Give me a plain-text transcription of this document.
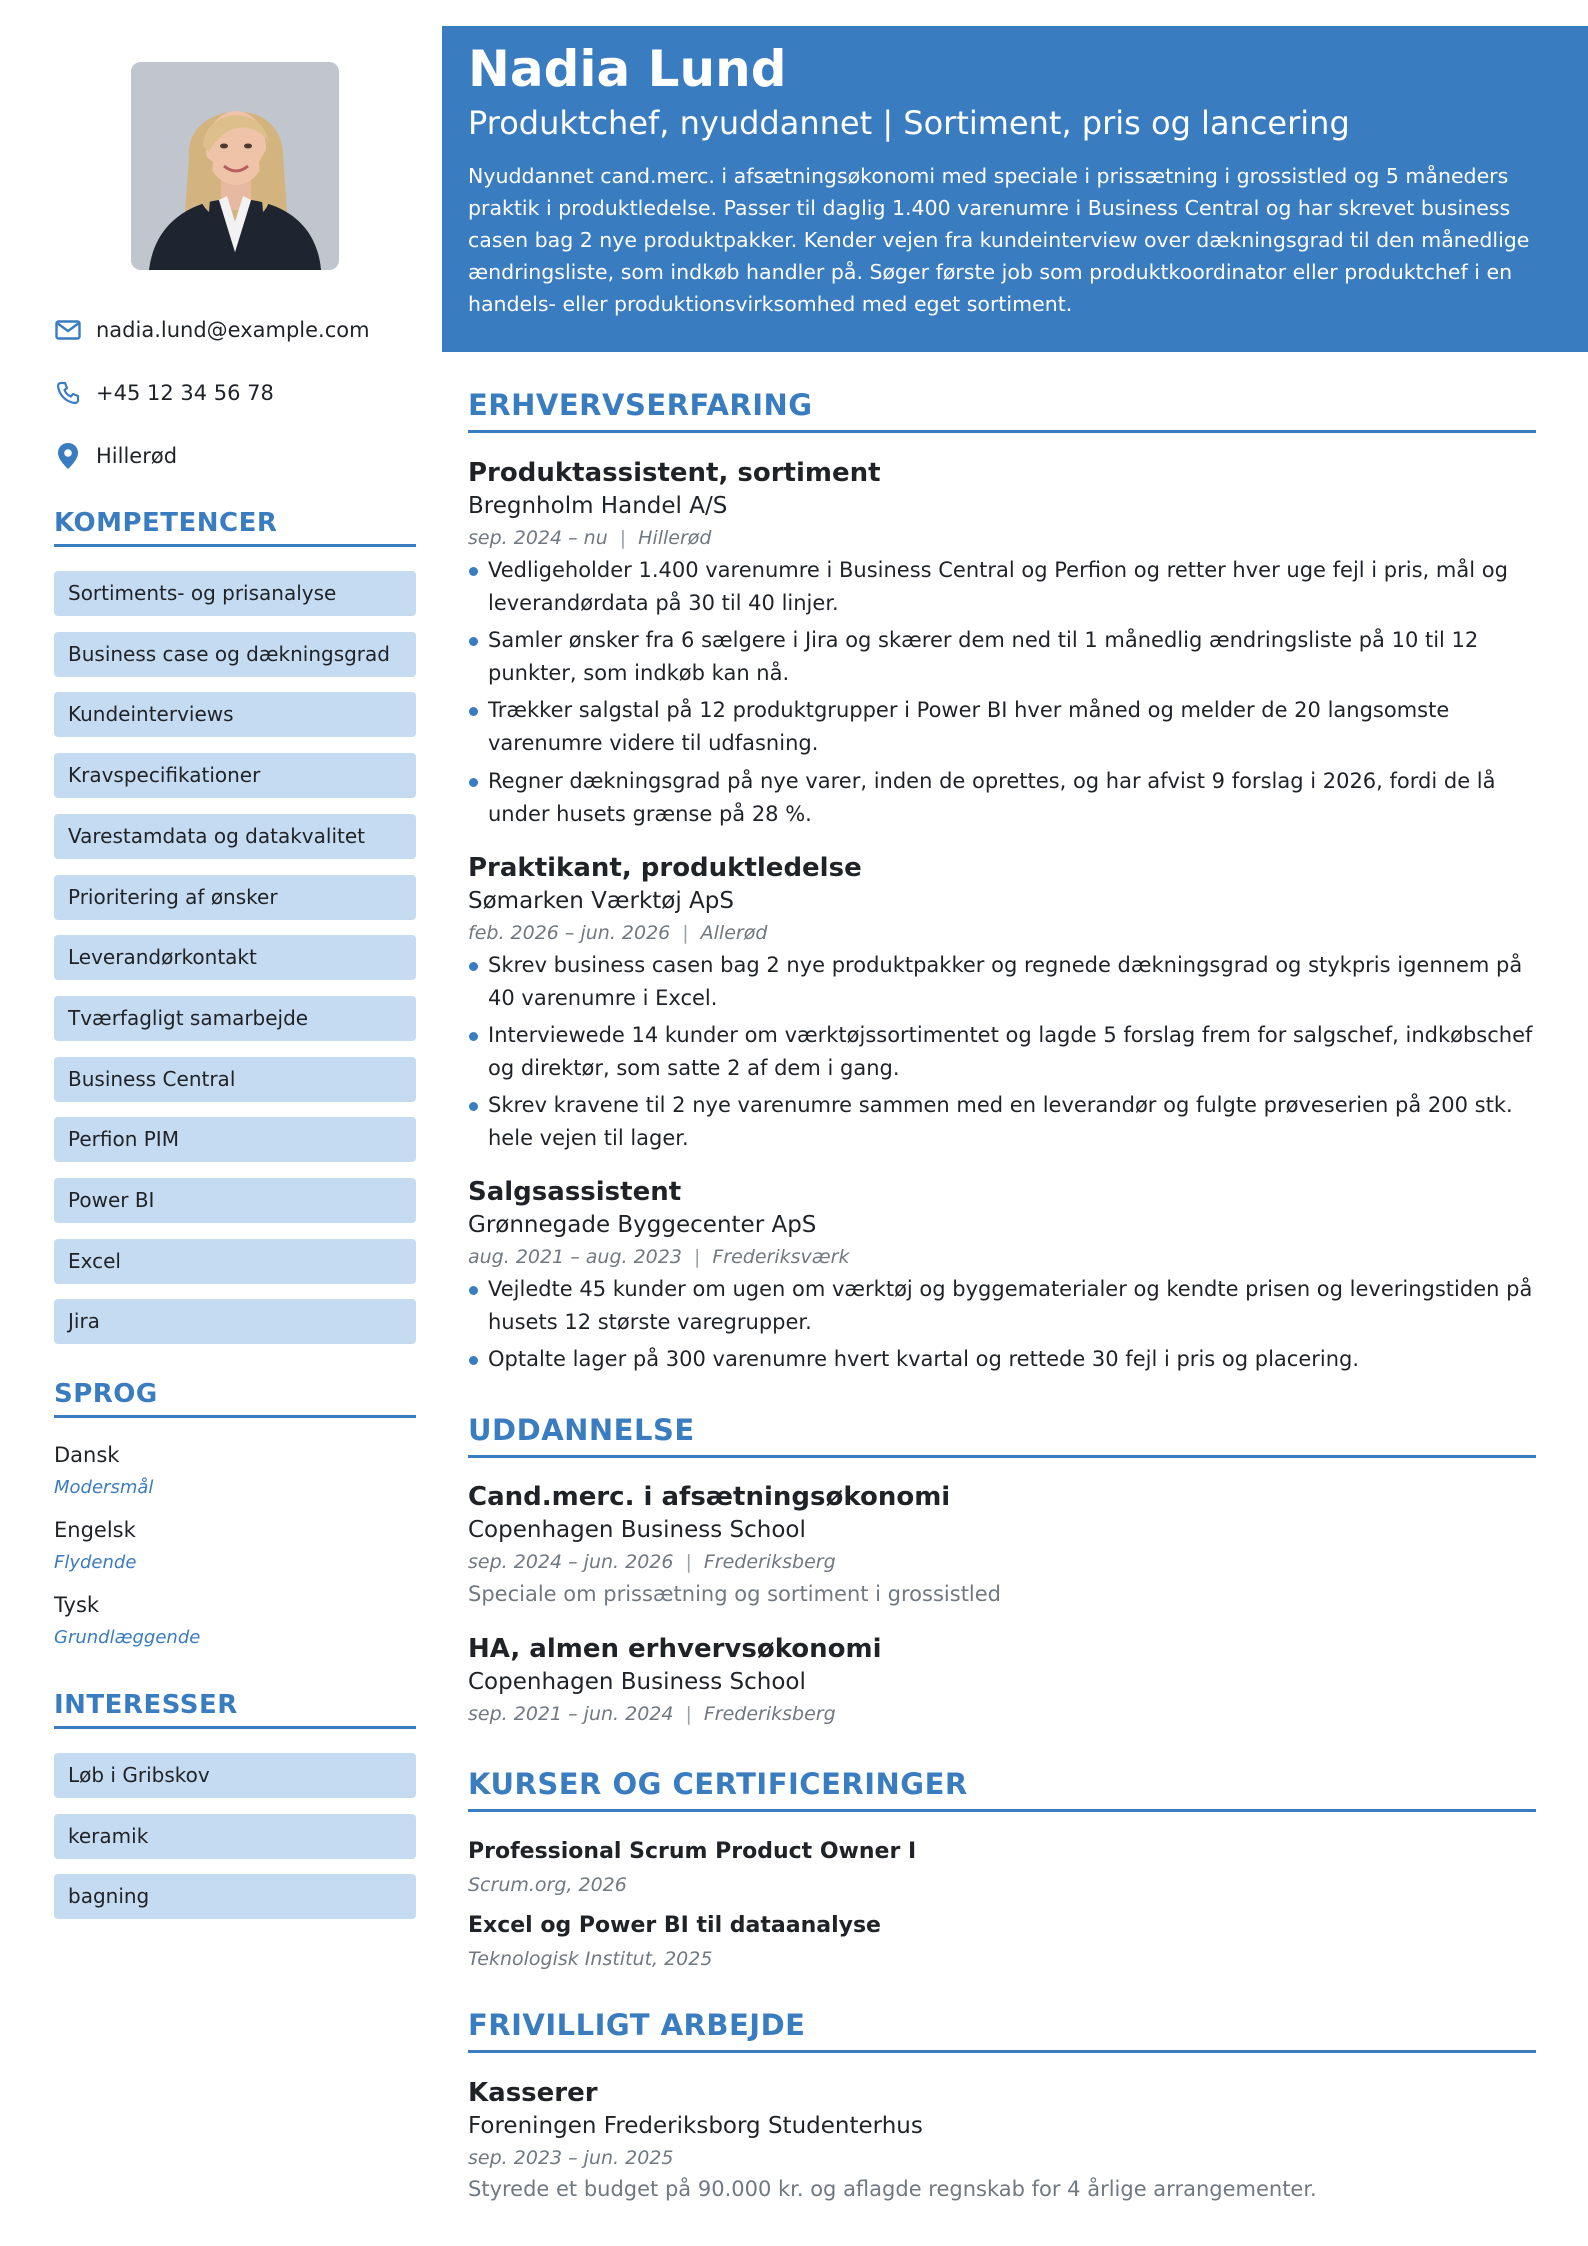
nadia.lund@example.com
+45 12 34 56 78
Hillerød
KOMPETENCER
Sortiments- og prisanalyse
Business case og dækningsgrad
Kundeinterviews
Kravspecifikationer
Varestamdata og datakvalitet
Prioritering af ønsker
Leverandørkontakt
Tværfagligt samarbejde
Business Central
Perfion PIM
Power BI
Excel
Jira
SPROG
Dansk
Modersmål
Engelsk
Flydende
Tysk
Grundlæggende
INTERESSER
Løb i Gribskov
keramik
bagning
Nadia Lund
Produktchef, nyuddannet | Sortiment, pris og lancering
Nyuddannet cand.merc. i afsætningsøkonomi med speciale i prissætning i grossistled og 5 måneders praktik i produktledelse. Passer til daglig 1.400 varenumre i Business Central og har skrevet business casen bag 2 nye produktpakker. Kender vejen fra kundeinterview over dækningsgrad til den månedlige ændringsliste, som indkøb handler på. Søger første job som produktkoordinator eller produktchef i en handels- eller produktionsvirksomhed med eget sortiment.
ERHVERVSERFARING
Produktassistent, sortiment
Bregnholm Handel A/S
sep. 2024 – nu | Hillerød
Vedligeholder 1.400 varenumre i Business Central og Perfion og retter hver uge fejl i pris, mål og leverandørdata på 30 til 40 linjer.
Samler ønsker fra 6 sælgere i Jira og skærer dem ned til 1 månedlig ændringsliste på 10 til 12 punkter, som indkøb kan nå.
Trækker salgstal på 12 produktgrupper i Power BI hver måned og melder de 20 langsomste varenumre videre til udfasning.
Regner dækningsgrad på nye varer, inden de oprettes, og har afvist 9 forslag i 2026, fordi de lå under husets grænse på 28 %.
Praktikant, produktledelse
Sømarken Værktøj ApS
feb. 2026 – jun. 2026 | Allerød
Skrev business casen bag 2 nye produktpakker og regnede dækningsgrad og stykpris igennem på 40 varenumre i Excel.
Interviewede 14 kunder om værktøjssortimentet og lagde 5 forslag frem for salgschef, indkøbschef og direktør, som satte 2 af dem i gang.
Skrev kravene til 2 nye varenumre sammen med en leverandør og fulgte prøveserien på 200 stk. hele vejen til lager.
Salgsassistent
Grønnegade Byggecenter ApS
aug. 2021 – aug. 2023 | Frederiksværk
Vejledte 45 kunder om ugen om værktøj og byggematerialer og kendte prisen og leveringstiden på husets 12 største varegrupper.
Optalte lager på 300 varenumre hvert kvartal og rettede 30 fejl i pris og placering.
UDDANNELSE
Cand.merc. i afsætningsøkonomi
Copenhagen Business School
sep. 2024 – jun. 2026 | Frederiksberg
Speciale om prissætning og sortiment i grossistled
HA, almen erhvervsøkonomi
Copenhagen Business School
sep. 2021 – jun. 2024 | Frederiksberg
KURSER OG CERTIFICERINGER
Professional Scrum Product Owner I
Scrum.org, 2026
Excel og Power BI til dataanalyse
Teknologisk Institut, 2025
FRIVILLIGT ARBEJDE
Kasserer
Foreningen Frederiksborg Studenterhus
sep. 2023 – jun. 2025
Styrede et budget på 90.000 kr. og aflagde regnskab for 4 årlige arrangementer.
